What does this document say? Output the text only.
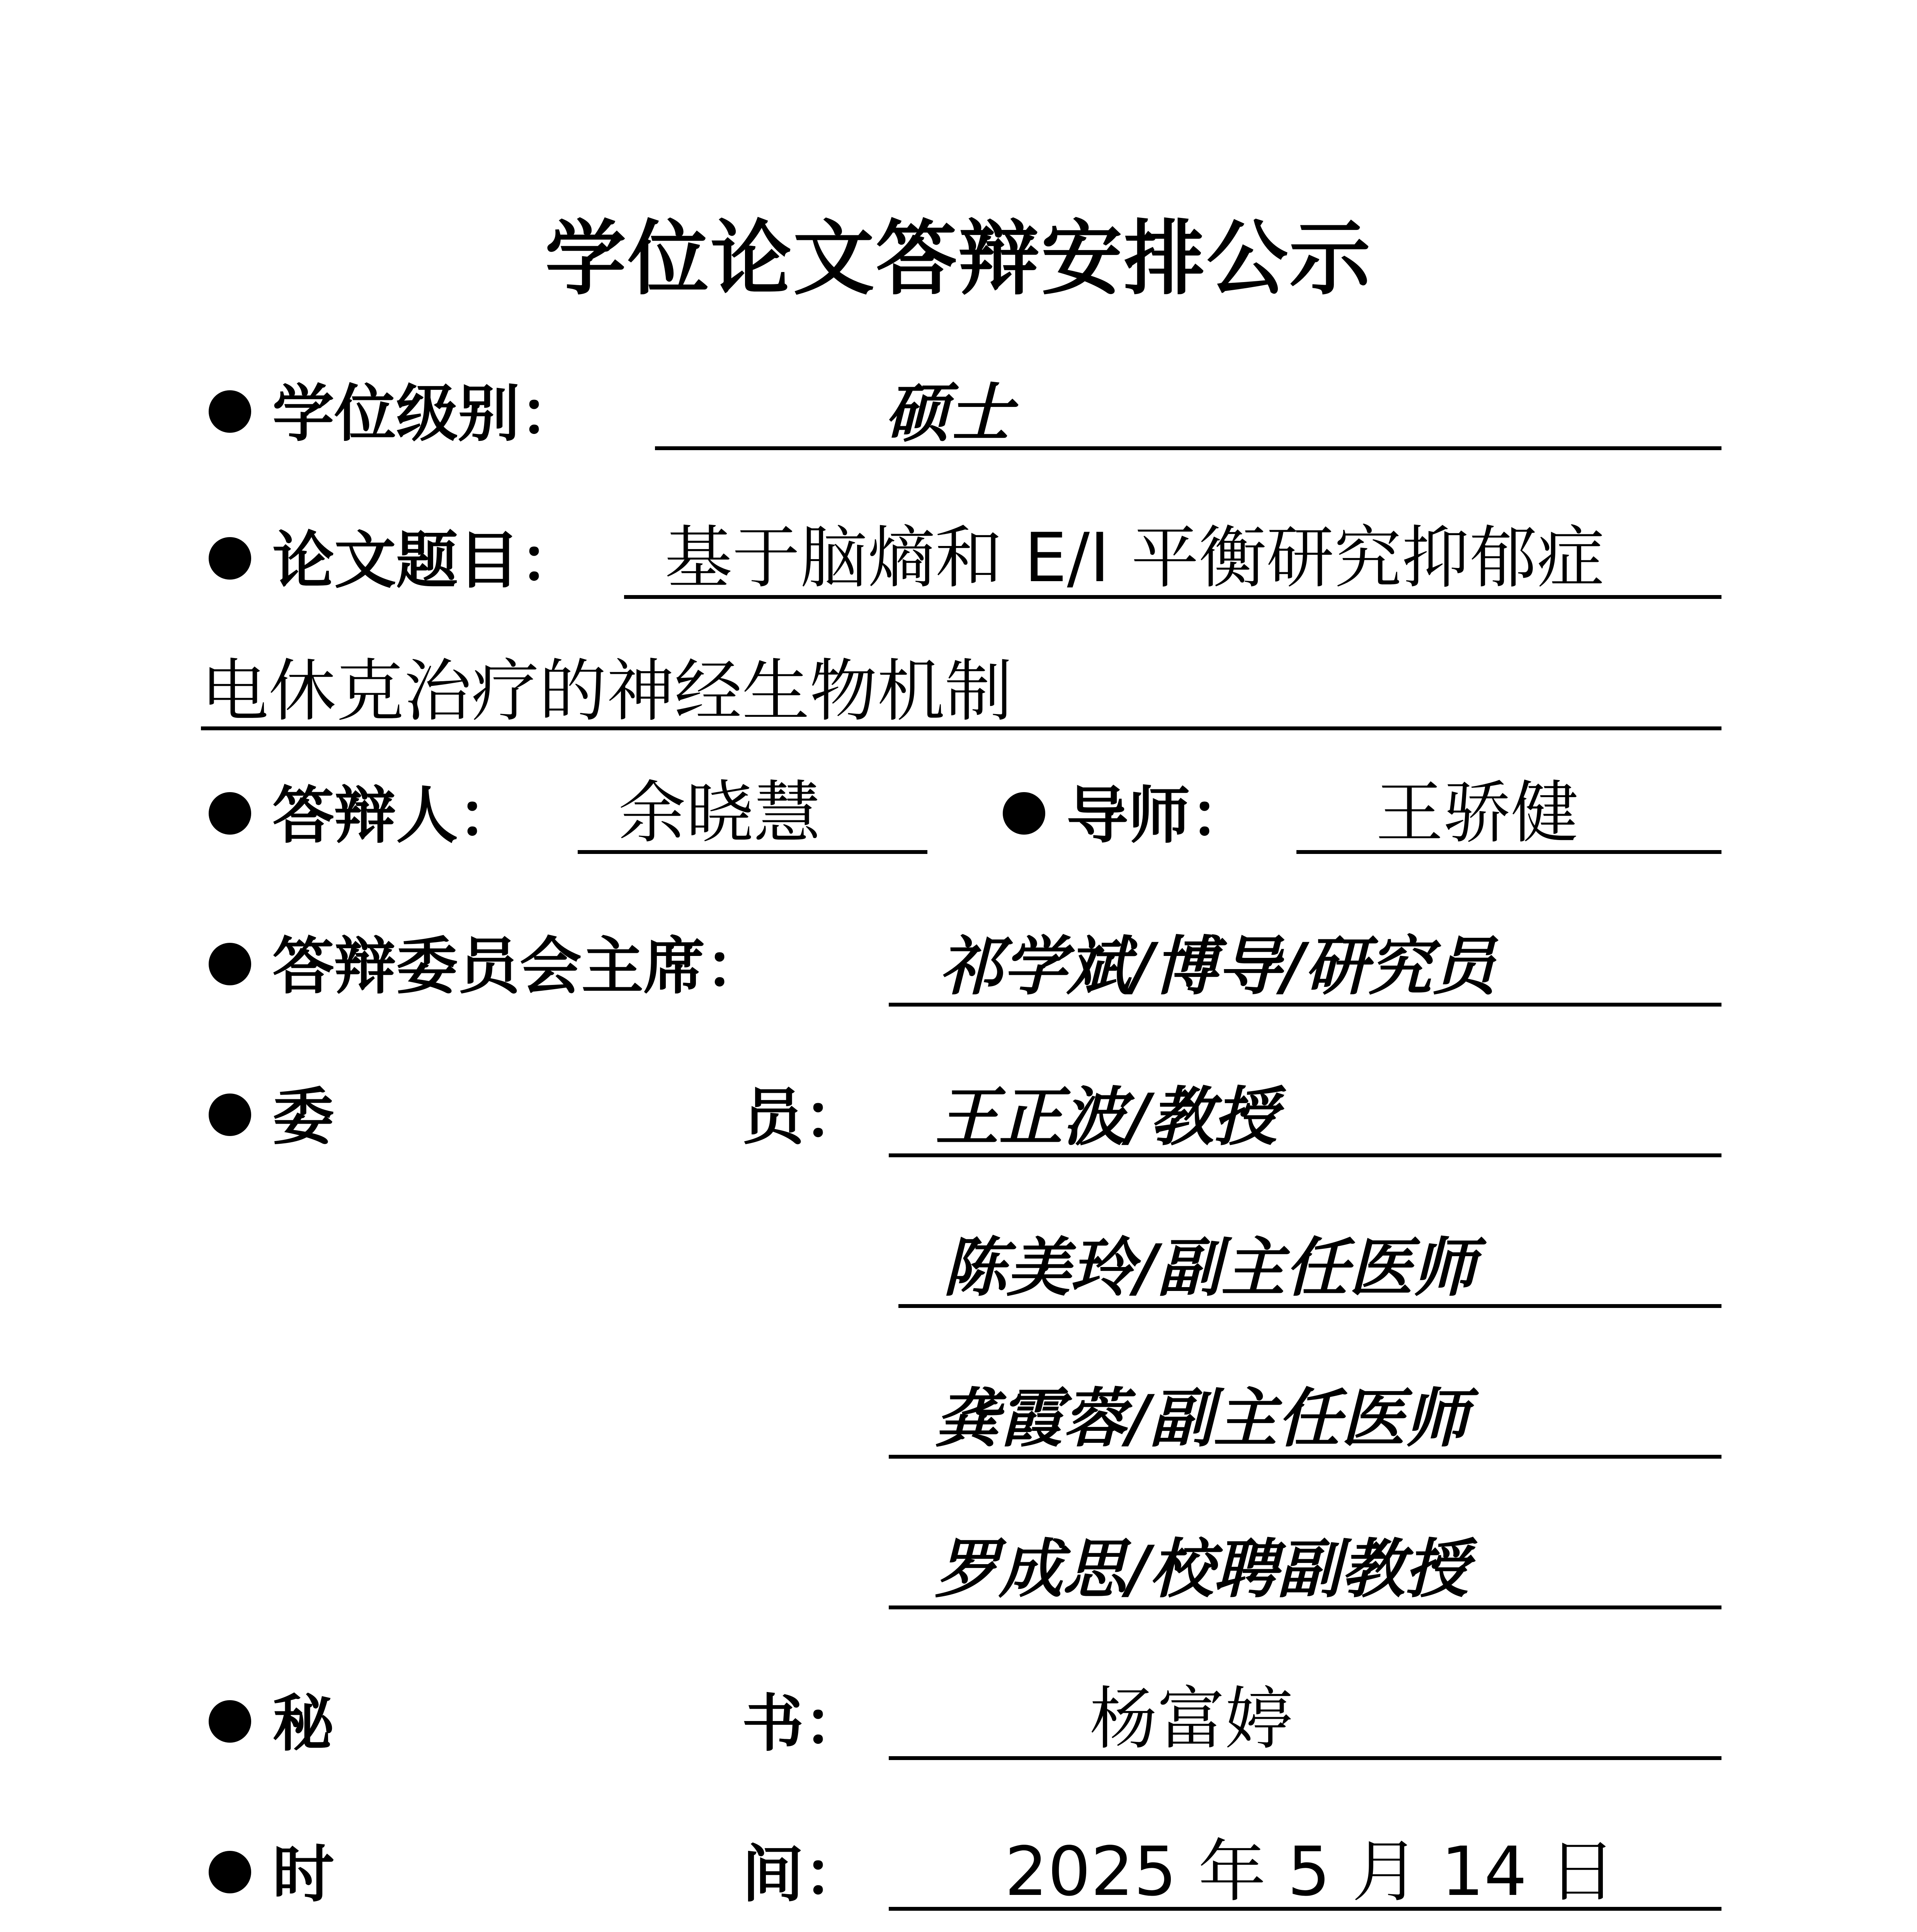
学位论文答辩安排公示
学位级别：	硕士
论文题目： 基于脑熵和 E/I 平衡研究抑郁症
电休克治疗的神经生物机制
答辩人： 余晓慧	导师： 王骄健
答辩委员会主席：	祁学斌/博导/研究员
委	员： 王正波/教授
陈美玲/副主任医师
龚霞蓉/副主任医师
罗成思/校聘副教授
秘	书：	杨富婷
时	间： 2025 年 5 月 14 日
